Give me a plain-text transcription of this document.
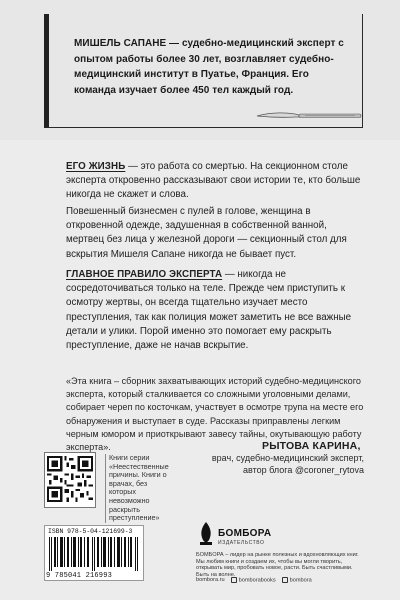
МИШЕЛЬ САПАНЕ — судебно-медицинский эксперт с опытом работы более 30 лет, возглавляет судебно-медицинский институт в Пуатье, Франция. Его команда изучает более 450 тел каждый год.

ЕГО ЖИЗНЬ — это работа со смертью. На секционном столе эксперта откровенно рассказывают свои истории те, кто больше никогда не скажет и слова.

Повешенный бизнесмен с пулей в голове, женщина в откровенной одежде, задушенная в собственной ванной, мертвец без лица у железной дороги — секционный стол для вскрытия Мишеля Сапане никогда не бывает пуст.

ГЛАВНОЕ ПРАВИЛО ЭКСПЕРТА — никогда не сосредоточиваться только на теле. Прежде чем приступить к осмотру жертвы, он всегда тщательно изучает место преступления, так как полиция может заметить не все важные детали и улики. Порой именно это помогает ему раскрыть преступление, даже не начав вскрытие.

«Эта книга – сборник захватывающих историй судебно-медицинского эксперта, который сталкивается со сложными уголовными делами, собирает череп по косточкам, участвует в осмотре трупа на месте его обнаружения и выступает в суде. Рассказы приправлены легким черным юмором и приоткрывают завесу тайны, окутывающую работу эксперта».	РЫТОВА КАРИНА,
врач, судебно-медицинский эксперт, автор блога @coroner_rytova

Книги серии «Неестественные причины. Книги о врачах, без которых невозможно раскрыть преступление»

ISBN 978-5-04-121699-3
9 785041 216993
БОМБОРА
ИЗДАТЕЛЬСТВО

БОМБОРА – лидер на рынке полезных и вдохновляющих книг. Мы любим книги и создаем их, чтобы вы могли творить, открывать мир, пробовать новое, расти. Быть счастливыми. Быть на волне.

bombora.ru	bomborabooks	bombora
